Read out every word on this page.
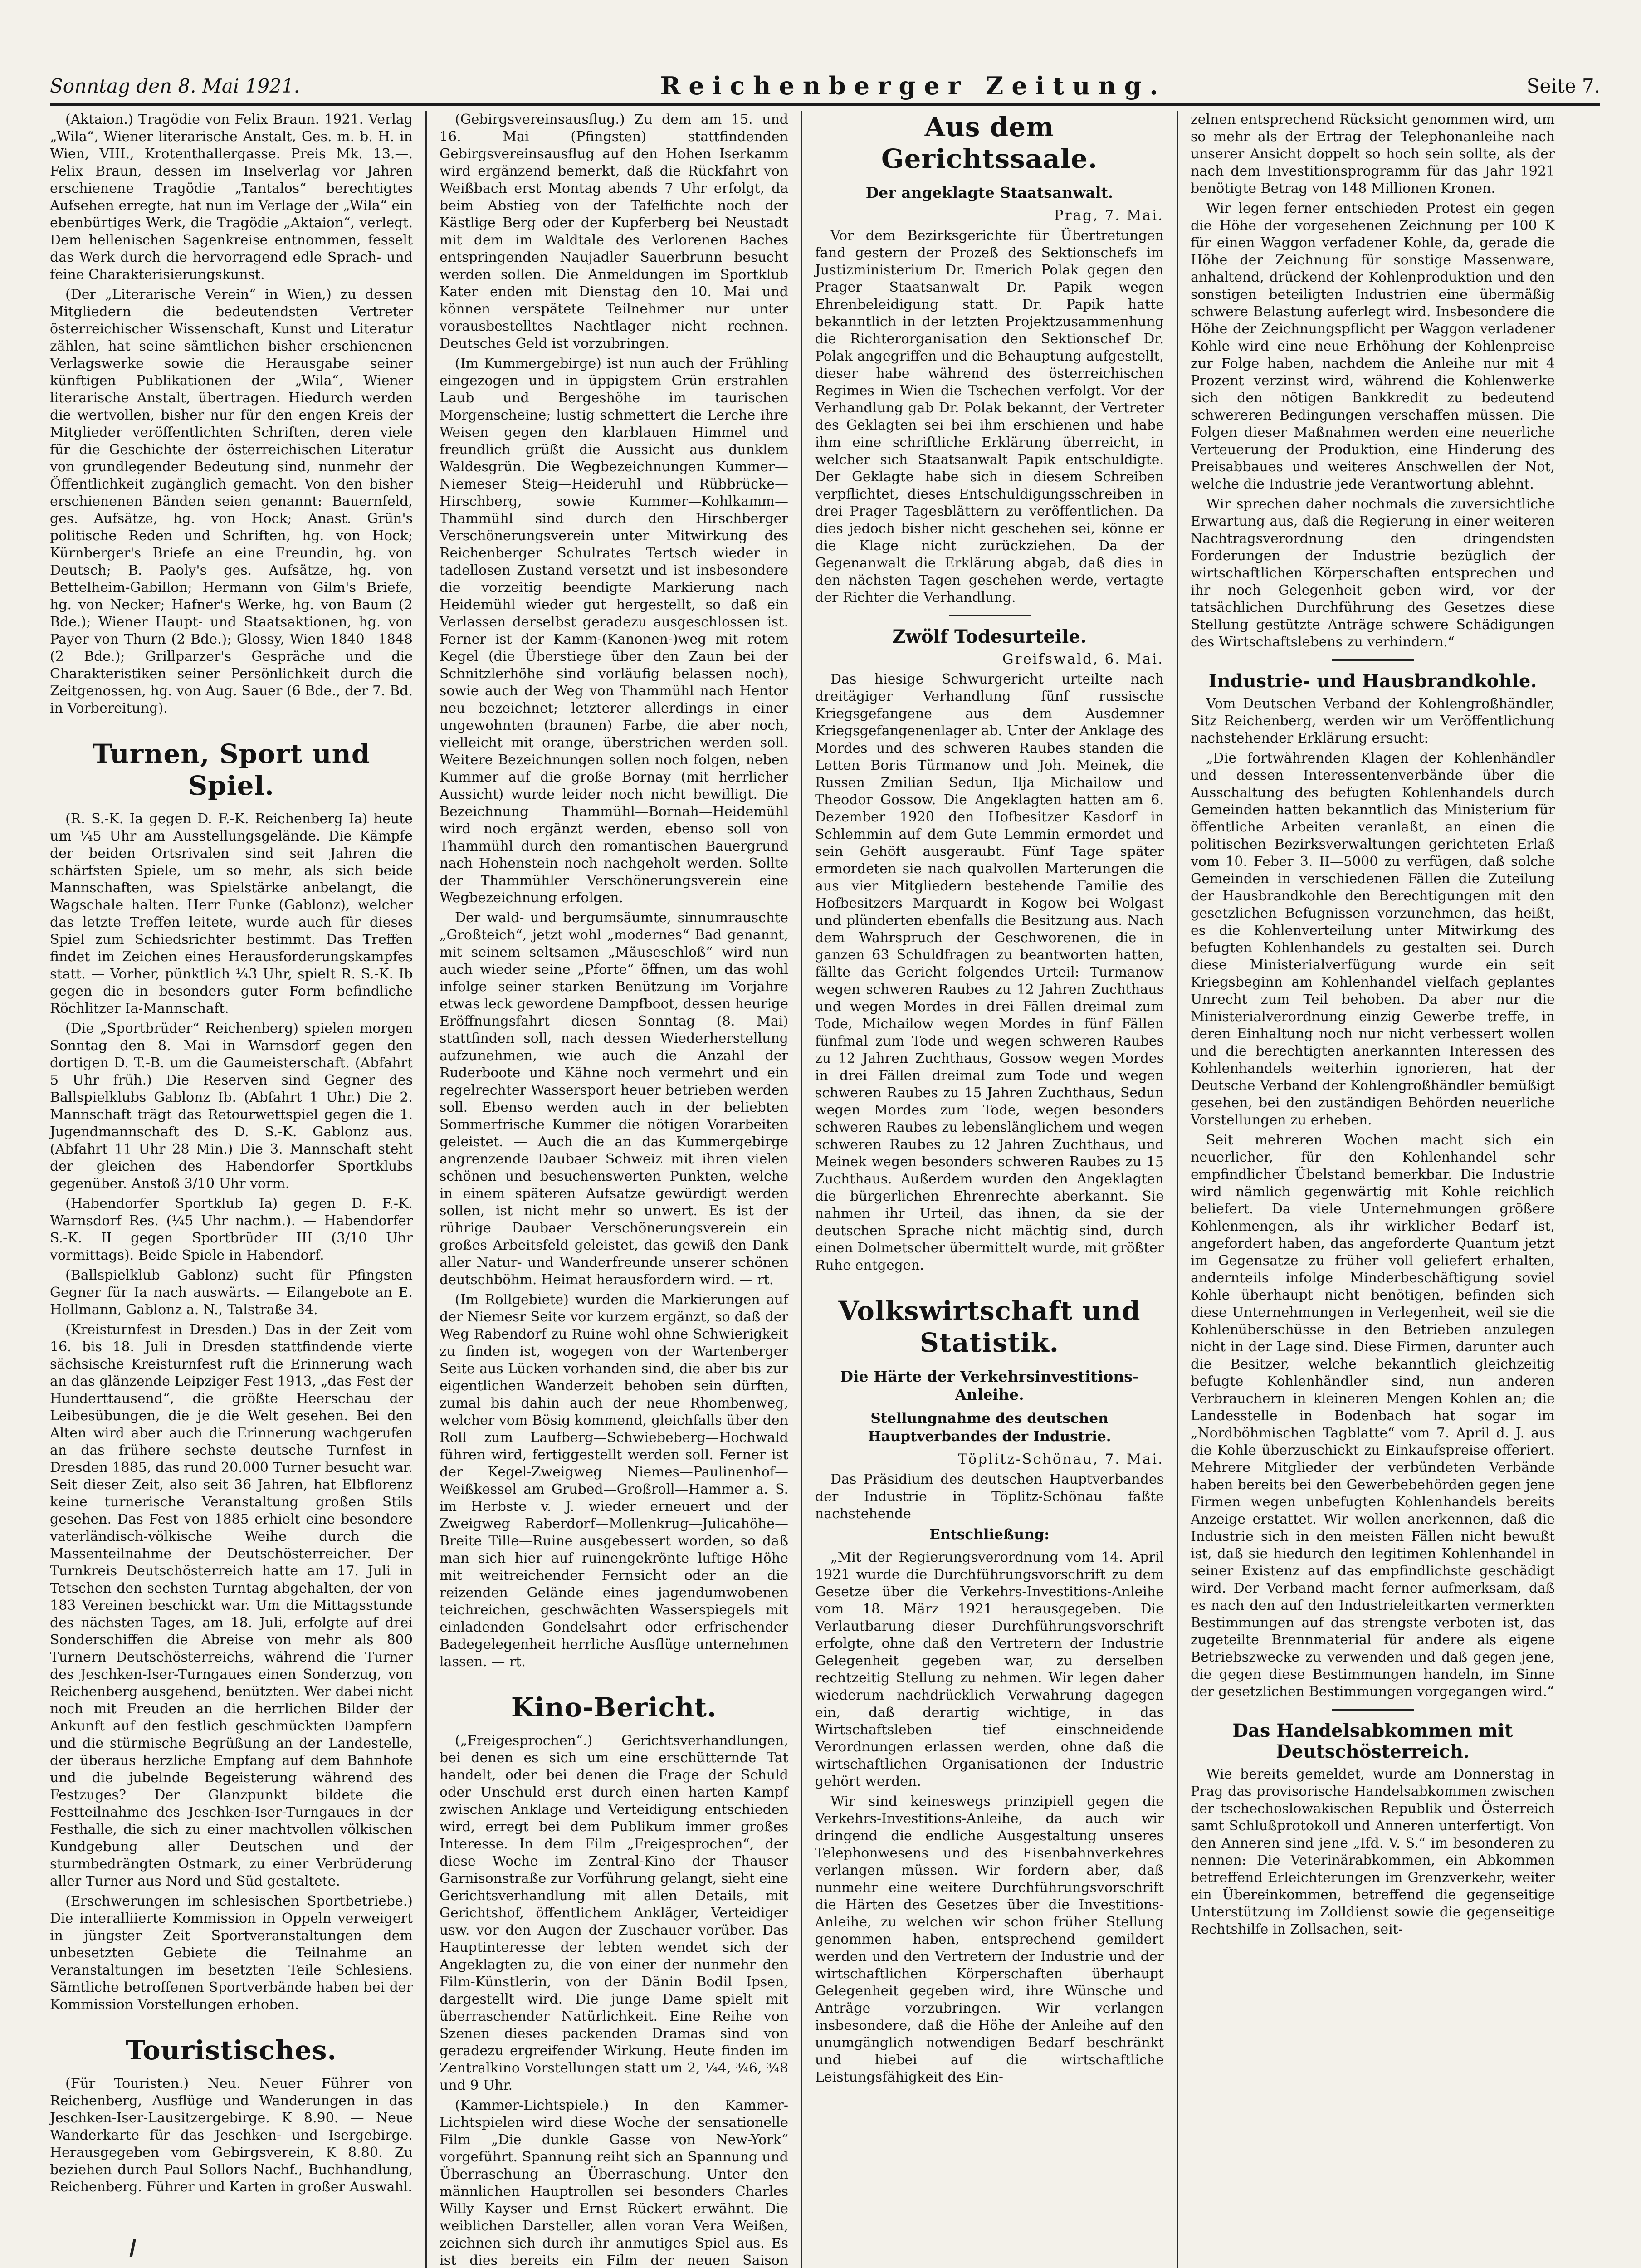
Sonntag den 8. Mai 1921.	Reichenberger Zeitung.	Seite 7.

(Aktaion.) Tragödie von Felix Braun. 1921. Verlag „Wila“, Wiener literarische Anstalt, Ges. m. b. H. in Wien, VIII., Krotenthallergasse. Preis Mk. 13.—. Felix Braun, dessen im Inselverlag vor Jahren erschienene Tragödie „Tantalos“ berechtigtes Aufsehen erregte, hat nun im Verlage der „Wila“ ein ebenbürtiges Werk, die Tragödie „Aktaion“, verlegt. Dem hellenischen Sagenkreise entnommen, fesselt das Werk durch die hervorragend edle Sprach- und feine Charakterisierungskunst.

(Der „Literarische Verein“ in Wien,) zu dessen Mitgliedern die bedeutendsten Vertreter österreichischer Wissenschaft, Kunst und Literatur zählen, hat seine sämtlichen bisher erschienenen Verlagswerke sowie die Herausgabe seiner künftigen Publikationen der „Wila“, Wiener literarische Anstalt, übertragen. Hiedurch werden die wertvollen, bisher nur für den engen Kreis der Mitglieder veröffentlichten Schriften, deren viele für die Geschichte der österreichischen Literatur von grundlegender Bedeutung sind, nunmehr der Öffentlichkeit zugänglich gemacht. Von den bisher erschienenen Bänden seien genannt: Bauernfeld, ges. Aufsätze, hg. von Hock; Anast. Grün's politische Reden und Schriften, hg. von Hock; Kürnberger's Briefe an eine Freundin, hg. von Deutsch; B. Paoly's ges. Aufsätze, hg. von Bettelheim-Gabillon; Hermann von Gilm's Briefe, hg. von Necker; Hafner's Werke, hg. von Baum (2 Bde.); Wiener Haupt- und Staatsaktionen, hg. von Payer von Thurn (2 Bde.); Glossy, Wien 1840—1848 (2 Bde.); Grillparzer's Gespräche und die Charakteristiken seiner Persönlichkeit durch die Zeitgenossen, hg. von Aug. Sauer (6 Bde., der 7. Bd. in Vorbereitung).

Turnen, Sport und Spiel.

(R. S.-K. Ia gegen D. F.-K. Reichenberg Ia) heute um ¼5 Uhr am Ausstellungsgelände. Die Kämpfe der beiden Ortsrivalen sind seit Jahren die schärfsten Spiele, um so mehr, als sich beide Mannschaften, was Spielstärke anbelangt, die Wagschale halten. Herr Funke (Gablonz), welcher das letzte Treffen leitete, wurde auch für dieses Spiel zum Schiedsrichter bestimmt. Das Treffen findet im Zeichen eines Herausforderungskampfes statt. — Vorher, pünktlich ¼3 Uhr, spielt R. S.-K. Ib gegen die in besonders guter Form befindliche Röchlitzer Ia-Mannschaft.

(Die „Sportbrüder“ Reichenberg) spielen morgen Sonntag den 8. Mai in Warnsdorf gegen den dortigen D. T.-B. um die Gaumeisterschaft. (Abfahrt 5 Uhr früh.) Die Reserven sind Gegner des Ballspielklubs Gablonz Ib. (Abfahrt 1 Uhr.) Die 2. Mannschaft trägt das Retourwettspiel gegen die 1. Jugendmannschaft des D. S.-K. Gablonz aus. (Abfahrt 11 Uhr 28 Min.) Die 3. Mannschaft steht der gleichen des Habendorfer Sportklubs gegenüber. Anstoß 3/10 Uhr vorm.

(Habendorfer Sportklub Ia) gegen D. F.-K. Warnsdorf Res. (¼5 Uhr nachm.). — Habendorfer S.-K. II gegen Sportbrüder III (3/10 Uhr vormittags). Beide Spiele in Habendorf.

(Ballspielklub Gablonz) sucht für Pfingsten Gegner für Ia nach auswärts. — Eilangebote an E. Hollmann, Gablonz a. N., Talstraße 34.

(Kreisturnfest in Dresden.) Das in der Zeit vom 16. bis 18. Juli in Dresden stattfindende vierte sächsische Kreisturnfest ruft die Erinnerung wach an das glänzende Leipziger Fest 1913, „das Fest der Hunderttausend“, die größte Heerschau der Leibesübungen, die je die Welt gesehen. Bei den Alten wird aber auch die Erinnerung wachgerufen an das frühere sechste deutsche Turnfest in Dresden 1885, das rund 20.000 Turner besucht war. Seit dieser Zeit, also seit 36 Jahren, hat Elbflorenz keine turnerische Veranstaltung großen Stils gesehen. Das Fest von 1885 erhielt eine besondere vaterländisch-völkische Weihe durch die Massenteilnahme der Deutschösterreicher. Der Turnkreis Deutschösterreich hatte am 17. Juli in Tetschen den sechsten Turntag abgehalten, der von 183 Vereinen beschickt war. Um die Mittagsstunde des nächsten Tages, am 18. Juli, erfolgte auf drei Sonderschiffen die Abreise von mehr als 800 Turnern Deutschösterreichs, während die Turner des Jeschken-Iser-Turngaues einen Sonderzug, von Reichenberg ausgehend, benützten. Wer dabei nicht noch mit Freuden an die herrlichen Bilder der Ankunft auf den festlich geschmückten Dampfern und die stürmische Begrüßung an der Landestelle, der überaus herzliche Empfang auf dem Bahnhofe und die jubelnde Begeisterung während des Festzuges? Der Glanzpunkt bildete die Festteilnahme des Jeschken-Iser-Turngaues in der Festhalle, die sich zu einer machtvollen völkischen Kundgebung aller Deutschen und der sturmbedrängten Ostmark, zu einer Verbrüderung aller Turner aus Nord und Süd gestaltete.

(Erschwerungen im schlesischen Sportbetriebe.) Die interalliierte Kommission in Oppeln verweigert in jüngster Zeit Sportveranstaltungen dem unbesetzten Gebiete die Teilnahme an Veranstaltungen im besetzten Teile Schlesiens. Sämtliche betroffenen Sportverbände haben bei der Kommission Vorstellungen erhoben.

Touristisches.

(Für Touristen.) Neu. Neuer Führer von Reichenberg, Ausflüge und Wanderungen in das Jeschken-Iser-Lausitzergebirge. K 8.90. — Neue Wanderkarte für das Jeschken- und Isergebirge. Herausgegeben vom Gebirgsverein, K 8.80. Zu beziehen durch Paul Sollors Nachf., Buchhandlung, Reichenberg. Führer und Karten in großer Auswahl.

(Gebirgsvereinsausflug.) Zu dem am 15. und 16. Mai (Pfingsten) stattfindenden Gebirgsvereinsausflug auf den Hohen Iserkamm wird ergänzend bemerkt, daß die Rückfahrt von Weißbach erst Montag abends 7 Uhr erfolgt, da beim Abstieg von der Tafelfichte noch der Kästlige Berg oder der Kupferberg bei Neustadt mit dem im Waldtale des Verlorenen Baches entspringenden Naujadler Sauerbrunn besucht werden sollen. Die Anmeldungen im Sportklub Kater enden mit Dienstag den 10. Mai und können verspätete Teilnehmer nur unter vorausbestelltes Nachtlager nicht rechnen. Deutsches Geld ist vorzubringen.

(Im Kummergebirge) ist nun auch der Frühling eingezogen und in üppigstem Grün erstrahlen Laub und Bergeshöhe im taurischen Morgenscheine; lustig schmettert die Lerche ihre Weisen gegen den klarblauen Himmel und freundlich grüßt die Aussicht aus dunklem Waldesgrün. Die Wegbezeichnungen Kummer—Niemeser Steig—Heideruhl und Rübbrücke—Hirschberg, sowie Kummer—Kohlkamm—Thammühl sind durch den Hirschberger Verschönerungsverein unter Mitwirkung des Reichenberger Schulrates Tertsch wieder in tadellosen Zustand versetzt und ist insbesondere die vorzeitig beendigte Markierung nach Heidemühl wieder gut hergestellt, so daß ein Verlassen derselbst geradezu ausgeschlossen ist. Ferner ist der Kamm-(Kanonen-)weg mit rotem Kegel (die Überstiege über den Zaun bei der Schnitzlerhöhe sind vorläufig belassen noch), sowie auch der Weg von Thammühl nach Hentor neu bezeichnet; letzterer allerdings in einer ungewohnten (braunen) Farbe, die aber noch, vielleicht mit orange, überstrichen werden soll. Weitere Bezeichnungen sollen noch folgen, neben Kummer auf die große Bornay (mit herrlicher Aussicht) wurde leider noch nicht bewilligt. Die Bezeichnung Thammühl—Bornah—Heidemühl wird noch ergänzt werden, ebenso soll von Thammühl durch den romantischen Bauergrund nach Hohenstein noch nachgeholt werden. Sollte der Thammühler Verschönerungsverein eine Wegbezeichnung erfolgen.

Der wald- und bergumsäumte, sinnumrauschte „Großteich“, jetzt wohl „modernes“ Bad genannt, mit seinem seltsamen „Mäuseschloß“ wird nun auch wieder seine „Pforte“ öffnen, um das wohl infolge seiner starken Benützung im Vorjahre etwas leck gewordene Dampfboot, dessen heurige Eröffnungsfahrt diesen Sonntag (8. Mai) stattfinden soll, nach dessen Wiederherstellung aufzunehmen, wie auch die Anzahl der Ruderboote und Kähne noch vermehrt und ein regelrechter Wassersport heuer betrieben werden soll. Ebenso werden auch in der beliebten Sommerfrische Kummer die nötigen Vorarbeiten geleistet. — Auch die an das Kummergebirge angrenzende Daubaer Schweiz mit ihren vielen schönen und besuchenswerten Punkten, welche in einem späteren Aufsatze gewürdigt werden sollen, ist nicht mehr so unwert. Es ist der rührige Daubaer Verschönerungsverein ein großes Arbeitsfeld geleistet, das gewiß den Dank aller Natur- und Wanderfreunde unserer schönen deutschböhm. Heimat herausfordern wird. — rt.

(Im Rollgebiete) wurden die Markierungen auf der Niemesr Seite vor kurzem ergänzt, so daß der Weg Rabendorf zu Ruine wohl ohne Schwierigkeit zu finden ist, wogegen von der Wartenberger Seite aus Lücken vorhanden sind, die aber bis zur eigentlichen Wanderzeit behoben sein dürften, zumal bis dahin auch der neue Rhombenweg, welcher vom Bösig kommend, gleichfalls über den Roll zum Laufberg—Schwiebeberg—Hochwald führen wird, fertiggestellt werden soll. Ferner ist der Kegel-Zweigweg Niemes—Paulinenhof—Weißkessel am Grubed—Großroll—Hammer a. S. im Herbste v. J. wieder erneuert und der Zweigweg Raberdorf—Mollenkrug—Julicahöhe—Breite Tille—Ruine ausgebessert worden, so daß man sich hier auf ruinengekrönte luftige Höhe mit weitreichender Fernsicht oder an die reizenden Gelände eines jagendumwobenen teichreichen, geschwächten Wasserspiegels mit einladenden Gondelsahrt oder erfrischender Badegelegenheit herrliche Ausflüge unternehmen lassen. — rt.

Kino-Bericht.

(„Freigesprochen“.) Gerichtsverhandlungen, bei denen es sich um eine erschütternde Tat handelt, oder bei denen die Frage der Schuld oder Unschuld erst durch einen harten Kampf zwischen Anklage und Verteidigung entschieden wird, erregt bei dem Publikum immer großes Interesse. In dem Film „Freigesprochen“, der diese Woche im Zentral-Kino der Thauser Garnisonstraße zur Vorführung gelangt, sieht eine Gerichtsverhandlung mit allen Details, mit Gerichtshof, öffentlichem Ankläger, Verteidiger usw. vor den Augen der Zuschauer vorüber. Das Hauptinteresse der lebten wendet sich der Angeklagten zu, die von einer der nunmehr den Film-Künstlerin, von der Dänin Bodil Ipsen, dargestellt wird. Die junge Dame spielt mit überraschender Natürlichkeit. Eine Reihe von Szenen dieses packenden Dramas sind von geradezu ergreifender Wirkung. Heute finden im Zentralkino Vorstellungen statt um 2, ¼4, ¾6, ¾8 und 9 Uhr.

(Kammer-Lichtspiele.) In den Kammer-Lichtspielen wird diese Woche der sensationelle Film „Die dunkle Gasse von New-York“ vorgeführt. Spannung reiht sich an Spannung und Überraschung an Überraschung. Unter den männlichen Hauptrollen sei besonders Charles Willy Kayser und Ernst Rückert erwähnt. Die weiblichen Darsteller, allen voran Vera Weißen, zeichnen sich durch ihr anmutiges Spiel aus. Es ist dies bereits ein Film der neuen Saison

Aus dem Gerichtssaale.
Der angeklagte Staatsanwalt.
Prag, 7. Mai.

Vor dem Bezirksgerichte für Übertretungen fand gestern der Prozeß des Sektionschefs im Justizministerium Dr. Emerich Polak gegen den Prager Staatsanwalt Dr. Papik wegen Ehrenbeleidigung statt. Dr. Papik hatte bekanntlich in der letzten Projektzusammenhung die Richterorganisation den Sektionschef Dr. Polak angegriffen und die Behauptung aufgestellt, dieser habe während des österreichischen Regimes in Wien die Tschechen verfolgt. Vor der Verhandlung gab Dr. Polak bekannt, der Vertreter des Geklagten sei bei ihm erschienen und habe ihm eine schriftliche Erklärung überreicht, in welcher sich Staatsanwalt Papik entschuldigte. Der Geklagte habe sich in diesem Schreiben verpflichtet, dieses Entschuldigungsschreiben in drei Prager Tagesblättern zu veröffentlichen. Da dies jedoch bisher nicht geschehen sei, könne er die Klage nicht zurückziehen. Da der Gegenanwalt die Erklärung abgab, daß dies in den nächsten Tagen geschehen werde, vertagte der Richter die Verhandlung.

Zwölf Todesurteile.
Greifswald, 6. Mai.

Das hiesige Schwurgericht urteilte nach dreitägiger Verhandlung fünf russische Kriegsgefangene aus dem Ausdemner Kriegsgefangenenlager ab. Unter der Anklage des Mordes und des schweren Raubes standen die Letten Boris Türmanow und Joh. Meinek, die Russen Zmilian Sedun, Ilja Michailow und Theodor Gossow. Die Angeklagten hatten am 6. Dezember 1920 den Hofbesitzer Kasdorf in Schlemmin auf dem Gute Lemmin ermordet und sein Gehöft ausgeraubt. Fünf Tage später ermordeten sie nach qualvollen Marterungen die aus vier Mitgliedern bestehende Familie des Hofbesitzers Marquardt in Kogow bei Wolgast und plünderten ebenfalls die Besitzung aus. Nach dem Wahrspruch der Geschworenen, die in ganzen 63 Schuldfragen zu beantworten hatten, fällte das Gericht folgendes Urteil: Turmanow wegen schweren Raubes zu 12 Jahren Zuchthaus und wegen Mordes in drei Fällen dreimal zum Tode, Michailow wegen Mordes in fünf Fällen fünfmal zum Tode und wegen schweren Raubes zu 12 Jahren Zuchthaus, Gossow wegen Mordes in drei Fällen dreimal zum Tode und wegen schweren Raubes zu 15 Jahren Zuchthaus, Sedun wegen Mordes zum Tode, wegen besonders schweren Raubes zu lebenslänglichem und wegen schweren Raubes zu 12 Jahren Zuchthaus, und Meinek wegen besonders schweren Raubes zu 15 Zuchthaus. Außerdem wurden den Angeklagten die bürgerlichen Ehrenrechte aberkannt. Sie nahmen ihr Urteil, das ihnen, da sie der deutschen Sprache nicht mächtig sind, durch einen Dolmetscher übermittelt wurde, mit größter Ruhe entgegen.

Volkswirtschaft und Statistik.
Die Härte der Verkehrsinvestitions-Anleihe.
Stellungnahme des deutschen Hauptverbandes der Industrie.
Töplitz-Schönau, 7. Mai.

Das Präsidium des deutschen Hauptverbandes der Industrie in Töplitz-Schönau faßte nachstehende

Entschließung:

„Mit der Regierungsverordnung vom 14. April 1921 wurde die Durchführungsvorschrift zu dem Gesetze über die Verkehrs-Investitions-Anleihe vom 18. März 1921 herausgegeben. Die Verlautbarung dieser Durchführungsvorschrift erfolgte, ohne daß den Vertretern der Industrie Gelegenheit gegeben war, zu derselben rechtzeitig Stellung zu nehmen. Wir legen daher wiederum nachdrücklich Verwahrung dagegen ein, daß derartig wichtige, in das Wirtschaftsleben tief einschneidende Verordnungen erlassen werden, ohne daß die wirtschaftlichen Organisationen der Industrie gehört werden.

Wir sind keineswegs prinzipiell gegen die Verkehrs-Investitions-Anleihe, da auch wir dringend die endliche Ausgestaltung unseres Telephonwesens und des Eisenbahnverkehres verlangen müssen. Wir fordern aber, daß nunmehr eine weitere Durchführungsvorschrift die Härten des Gesetzes über die Investitions-Anleihe, zu welchen wir schon früher Stellung genommen haben, entsprechend gemildert werden und den Vertretern der Industrie und der wirtschaftlichen Körperschaften überhaupt Gelegenheit gegeben wird, ihre Wünsche und Anträge vorzubringen. Wir verlangen insbesondere, daß die Höhe der Anleihe auf den unumgänglich notwendigen Bedarf beschränkt und hiebei auf die wirtschaftliche Leistungsfähigkeit des Ein-

zelnen entsprechend Rücksicht genommen wird, um so mehr als der Ertrag der Telephonanleihe nach unserer Ansicht doppelt so hoch sein sollte, als der nach dem Investitionsprogramm für das Jahr 1921 benötigte Betrag von 148 Millionen Kronen.

Wir legen ferner entschieden Protest ein gegen die Höhe der vorgesehenen Zeichnung per 100 K für einen Waggon verfadener Kohle, da, gerade die Höhe der Zeichnung für sonstige Massenware, anhaltend, drückend der Kohlenproduktion und den sonstigen beteiligten Industrien eine übermäßig schwere Belastung auferlegt wird. Insbesondere die Höhe der Zeichnungspflicht per Waggon verladener Kohle wird eine neue Erhöhung der Kohlenpreise zur Folge haben, nachdem die Anleihe nur mit 4 Prozent verzinst wird, während die Kohlenwerke sich den nötigen Bankkredit zu bedeutend schwereren Bedingungen verschaffen müssen. Die Folgen dieser Maßnahmen werden eine neuerliche Verteuerung der Produktion, eine Hinderung des Preisabbaues und weiteres Anschwellen der Not, welche die Industrie jede Verantwortung ablehnt.

Wir sprechen daher nochmals die zuversichtliche Erwartung aus, daß die Regierung in einer weiteren Nachtragsverordnung den dringendsten Forderungen der Industrie bezüglich der wirtschaftlichen Körperschaften entsprechen und ihr noch Gelegenheit geben wird, vor der tatsächlichen Durchführung des Gesetzes diese Stellung gestützte Anträge schwere Schädigungen des Wirtschaftslebens zu verhindern.“

Industrie- und Hausbrandkohle.

Vom Deutschen Verband der Kohlengroßhändler, Sitz Reichenberg, werden wir um Veröffentlichung nachstehender Erklärung ersucht:

„Die fortwährenden Klagen der Kohlenhändler und dessen Interessentenverbände über die Ausschaltung des befugten Kohlenhandels durch Gemeinden hatten bekanntlich das Ministerium für öffentliche Arbeiten veranlaßt, an einen die politischen Bezirksverwaltungen gerichteten Erlaß vom 10. Feber 3. II—5000 zu verfügen, daß solche Gemeinden in verschiedenen Fällen die Zuteilung der Hausbrandkohle den Berechtigungen mit den gesetzlichen Befugnissen vorzunehmen, das heißt, es die Kohlenverteilung unter Mitwirkung des befugten Kohlenhandels zu gestalten sei. Durch diese Ministerialverfügung wurde ein seit Kriegsbeginn am Kohlenhandel vielfach geplantes Unrecht zum Teil behoben. Da aber nur die Ministerialverordnung einzig Gewerbe treffe, in deren Einhaltung noch nur nicht verbessert wollen und die berechtigten anerkannten Interessen des Kohlenhandels weiterhin ignorieren, hat der Deutsche Verband der Kohlengroßhändler bemüßigt gesehen, bei den zuständigen Behörden neuerliche Vorstellungen zu erheben.

Seit mehreren Wochen macht sich ein neuerlicher, für den Kohlenhandel sehr empfindlicher Übelstand bemerkbar. Die Industrie wird nämlich gegenwärtig mit Kohle reichlich beliefert. Da viele Unternehmungen größere Kohlenmengen, als ihr wirklicher Bedarf ist, angefordert haben, das angeforderte Quantum jetzt im Gegensatze zu früher voll geliefert erhalten, andernteils infolge Minderbeschäftigung soviel Kohle überhaupt nicht benötigen, befinden sich diese Unternehmungen in Verlegenheit, weil sie die Kohlenüberschüsse in den Betrieben anzulegen nicht in der Lage sind. Diese Firmen, darunter auch die Besitzer, welche bekanntlich gleichzeitig befugte Kohlenhändler sind, nun anderen Verbrauchern in kleineren Mengen Kohlen an; die Landesstelle in Bodenbach hat sogar im „Nordböhmischen Tagblatte“ vom 7. April d. J. aus die Kohle überzuschickt zu Einkaufspreise offeriert. Mehrere Mitglieder der verbündeten Verbände haben bereits bei den Gewerbebehörden gegen jene Firmen wegen unbefugten Kohlenhandels bereits Anzeige erstattet. Wir wollen anerkennen, daß die Industrie sich in den meisten Fällen nicht bewußt ist, daß sie hiedurch den legitimen Kohlenhandel in seiner Existenz auf das empfindlichste geschädigt wird. Der Verband macht ferner aufmerksam, daß es nach den auf den Industrieleitkarten vermerkten Bestimmungen auf das strengste verboten ist, das zugeteilte Brennmaterial für andere als eigene Betriebszwecke zu verwenden und daß gegen jene, die gegen diese Bestimmungen handeln, im Sinne der gesetzlichen Bestimmungen vorgegangen wird.“

Das Handelsabkommen mit Deutschösterreich.

Wie bereits gemeldet, wurde am Donnerstag in Prag das provisorische Handelsabkommen zwischen der tschechoslowakischen Republik und Österreich samt Schlußprotokoll und Anneren unterfertigt. Von den Anneren sind jene „Ifd. V. S.“ im besonderen zu nennen: Die Veterinärabkommen, ein Abkommen betreffend Erleichterungen im Grenzverkehr, weiter ein Übereinkommen, betreffend die gegenseitige Unterstützung im Zolldienst sowie die gegenseitige Rechtshilfe in Zollsachen, seit-
